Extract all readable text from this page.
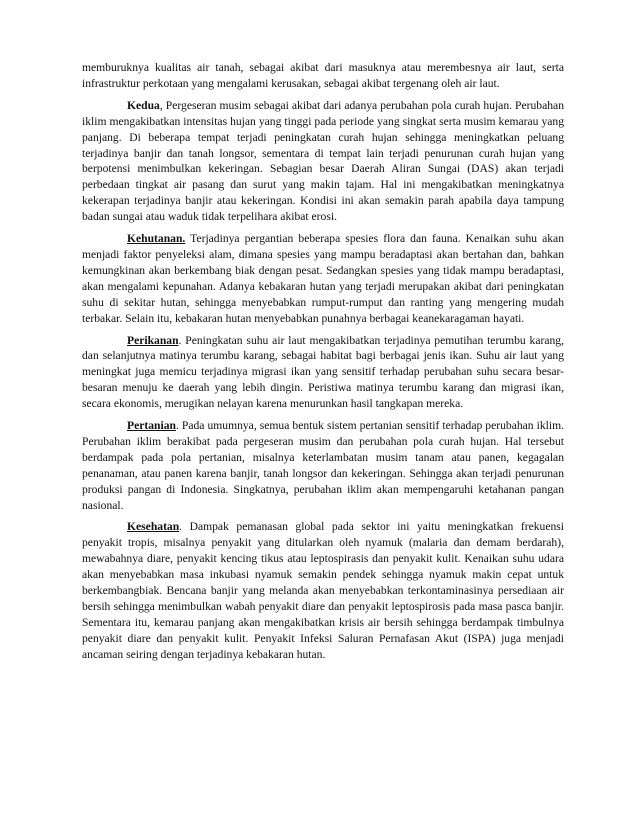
memburuknya kualitas air tanah, sebagai akibat dari masuknya atau merembesnya air laut, serta infrastruktur perkotaan yang mengalami kerusakan, sebagai akibat tergenang oleh air laut.

Kedua, Pergeseran musim sebagai akibat dari adanya perubahan pola curah hujan. Perubahan iklim mengakibatkan intensitas hujan yang tinggi pada periode yang singkat serta musim kemarau yang panjang. Di beberapa tempat terjadi peningkatan curah hujan sehingga meningkatkan peluang terjadinya banjir dan tanah longsor, sementara di tempat lain terjadi penurunan curah hujan yang berpotensi menimbulkan kekeringan. Sebagian besar Daerah Aliran Sungai (DAS) akan terjadi perbedaan tingkat air pasang dan surut yang makin tajam. Hal ini mengakibatkan meningkatnya kekerapan terjadinya banjir atau kekeringan. Kondisi ini akan semakin parah apabila daya tampung badan sungai atau waduk tidak terpelihara akibat erosi.

Kehutanan. Terjadinya pergantian beberapa spesies flora dan fauna. Kenaikan suhu akan menjadi faktor penyeleksi alam, dimana spesies yang mampu beradaptasi akan bertahan dan, bahkan kemungkinan akan berkembang biak dengan pesat. Sedangkan spesies yang tidak mampu beradaptasi, akan mengalami kepunahan. Adanya kebakaran hutan yang terjadi merupakan akibat dari peningkatan suhu di sekitar hutan, sehingga menyebabkan rumput-rumput dan ranting yang mengering mudah terbakar. Selain itu, kebakaran hutan menyebabkan punahnya berbagai keanekaragaman hayati.

Perikanan. Peningkatan suhu air laut mengakibatkan terjadinya pemutihan terumbu karang, dan selanjutnya matinya terumbu karang, sebagai habitat bagi berbagai jenis ikan. Suhu air laut yang meningkat juga memicu terjadinya migrasi ikan yang sensitif terhadap perubahan suhu secara besar-besaran menuju ke daerah yang lebih dingin. Peristiwa matinya terumbu karang dan migrasi ikan, secara ekonomis, merugikan nelayan karena menurunkan hasil tangkapan mereka.

Pertanian. Pada umumnya, semua bentuk sistem pertanian sensitif terhadap perubahan iklim. Perubahan iklim berakibat pada pergeseran musim dan perubahan pola curah hujan. Hal tersebut berdampak pada pola pertanian, misalnya keterlambatan musim tanam atau panen, kegagalan penanaman, atau panen karena banjir, tanah longsor dan kekeringan. Sehingga akan terjadi penurunan produksi pangan di Indonesia. Singkatnya, perubahan iklim akan mempengaruhi ketahanan pangan nasional.

Kesehatan. Dampak pemanasan global pada sektor ini yaitu meningkatkan frekuensi penyakit tropis, misalnya penyakit yang ditularkan oleh nyamuk (malaria dan demam berdarah), mewabahnya diare, penyakit kencing tikus atau leptospirasis dan penyakit kulit. Kenaikan suhu udara akan menyebabkan masa inkubasi nyamuk semakin pendek sehingga nyamuk makin cepat untuk berkembangbiak. Bencana banjir yang melanda akan menyebabkan terkontaminasinya persediaan air bersih sehingga menimbulkan wabah penyakit diare dan penyakit leptospirosis pada masa pasca banjir. Sementara itu, kemarau panjang akan mengakibatkan krisis air bersih sehingga berdampak timbulnya penyakit diare dan penyakit kulit. Penyakit Infeksi Saluran Pernafasan Akut (ISPA) juga menjadi ancaman seiring dengan terjadinya kebakaran hutan.
